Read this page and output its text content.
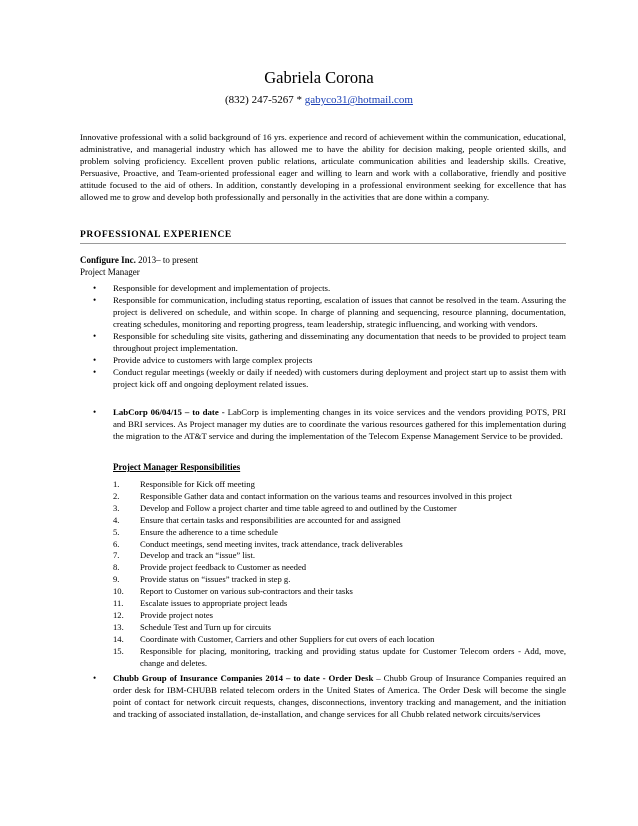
Gabriela Corona
(832) 247-5267 * gabyco31@hotmail.com
Innovative professional with a solid background of 16 yrs. experience and record of achievement within the communication, educational, administrative, and managerial industry which has allowed me to have the ability for decision making, people oriented skills, and problem solving proficiency. Excellent proven public relations, articulate communication abilities and leadership skills. Creative, Persuasive, Proactive, and Team-oriented professional eager and willing to learn and work with a collaborative, friendly and positive attitude focused to the aid of others. In addition, constantly developing in a professional environment seeking for excellence that has allowed me to grow and develop both professionally and personally in the activities that are done within a company.
PROFESSIONAL EXPERIENCE
Configure Inc. 2013– to present
Project Manager
• Responsible for development and implementation of projects.
• Responsible for communication, including status reporting, escalation of issues that cannot be resolved in the team. Assuring the project is delivered on schedule, and within scope. In charge of planning and sequencing, resource planning, documentation, creating schedules, monitoring and reporting progress, team leadership, strategic influencing, and working with vendors.
• Responsible for scheduling site visits, gathering and disseminating any documentation that needs to be provided to project team throughout project implementation.
• Provide advice to customers with large complex projects
• Conduct regular meetings (weekly or daily if needed) with customers during deployment and project start up to assist them with project kick off and ongoing deployment related issues.
• LabCorp 06/04/15 – to date - LabCorp is implementing changes in its voice services and the vendors providing POTS, PRI and BRI services. As Project manager my duties are to coordinate the various resources gathered for this implementation during the migration to the AT&T service and during the implementation of the Telecom Expense Management Service to be provided.
Project Manager Responsibilities
1. Responsible for Kick off meeting
2. Responsible Gather data and contact information on the various teams and resources involved in this project
3. Develop and Follow a project charter and time table agreed to and outlined by the Customer
4. Ensure that certain tasks and responsibilities are accounted for and assigned
5. Ensure the adherence to a time schedule
6. Conduct meetings, send meeting invites, track attendance, track deliverables
7. Develop and track an “issue” list.
8. Provide project feedback to Customer as needed
9. Provide status on “issues” tracked in step g.
10. Report to Customer on various sub-contractors and their tasks
11. Escalate issues to appropriate project leads
12. Provide project notes
13. Schedule Test and Turn up for circuits
14. Coordinate with Customer, Carriers and other Suppliers for cut overs of each location
15. Responsible for placing, monitoring, tracking and providing status update for Customer Telecom orders - Add, move, change and deletes.
• Chubb Group of Insurance Companies 2014 – to date - Order Desk – Chubb Group of Insurance Companies required an order desk for IBM-CHUBB related telecom orders in the United States of America. The Order Desk will become the single point of contact for network circuit requests, changes, disconnections, inventory tracking and management, and the initiation and tracking of associated installation, de-installation, and change services for all Chubb related network circuits/services
